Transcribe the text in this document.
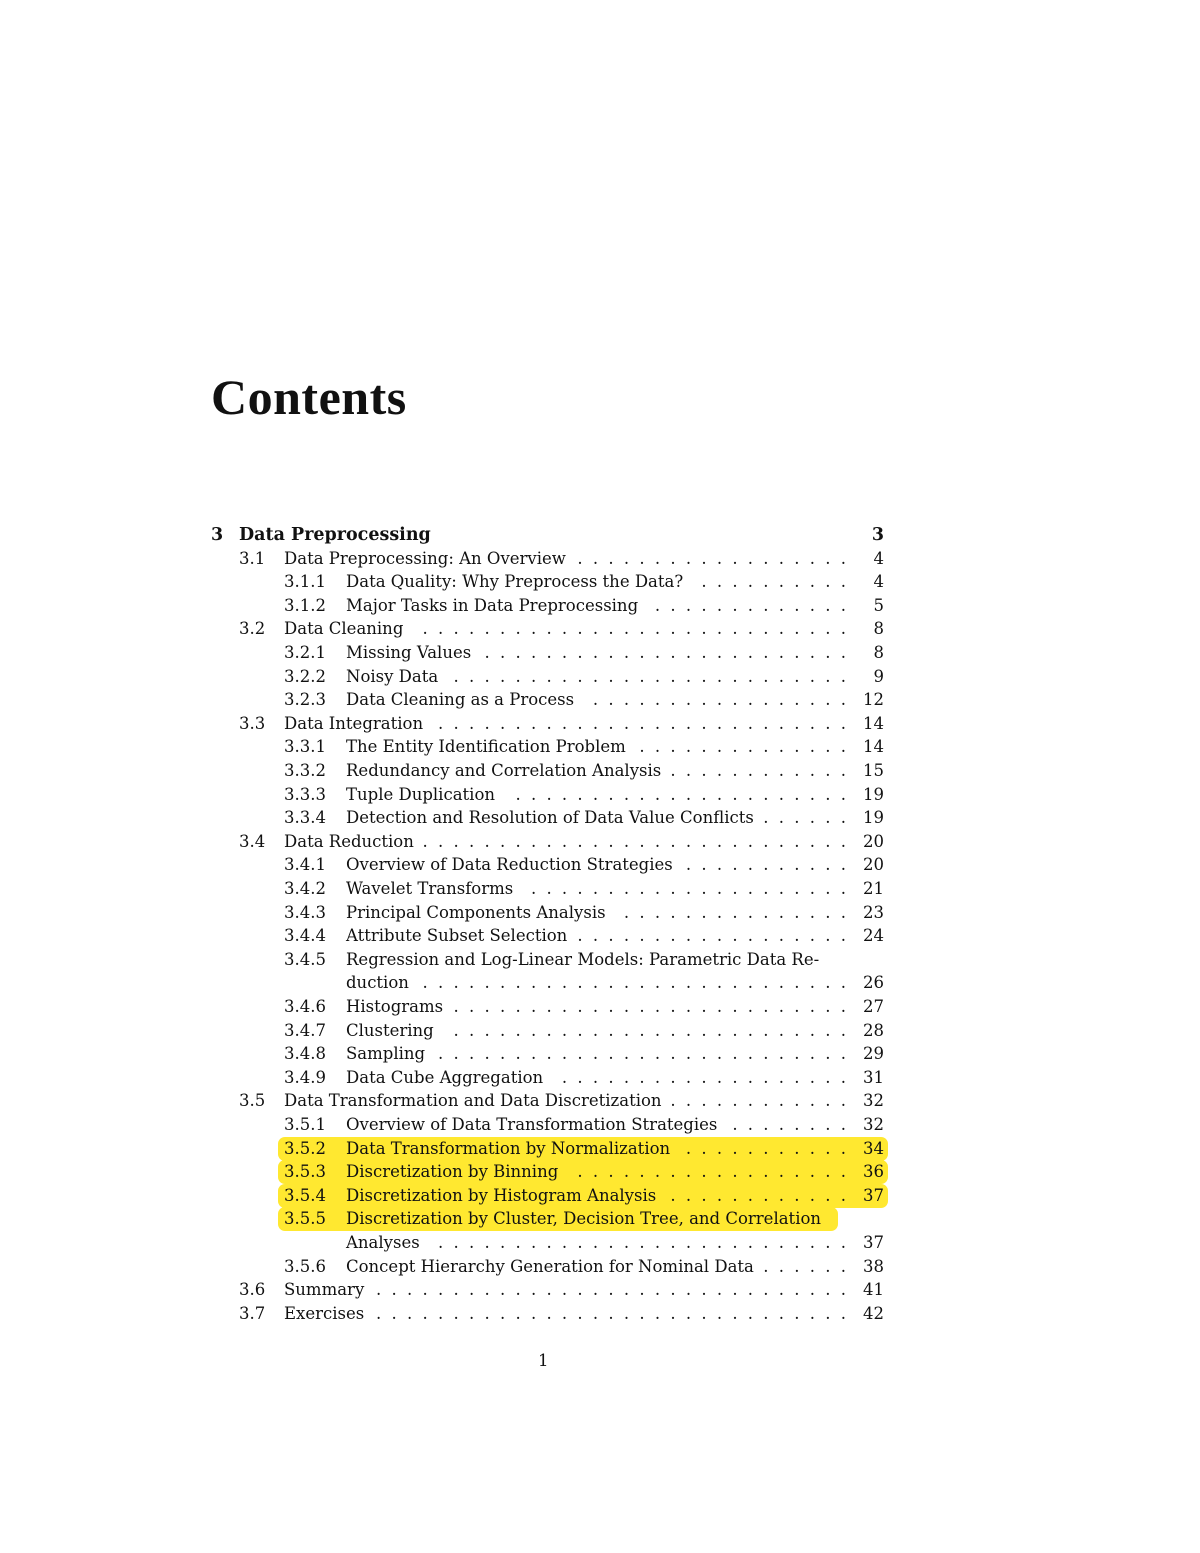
Contents
3 Data Preprocessing	3
3.1 Data Preprocessing: An Overview	4
. . .
3.1.1 Data Quality: Why Preprocess the Data?	4
. . .
3.1.2 Major Tasks in Data Preprocessing	5
. . .
3.2 Data Cleaning	8
. . .
3.2.1 Missing Values	8
. . .
3.2.2 Noisy Data	9
. . .
3.2.3 Data Cleaning as a Process	12
. . .
3.3 Data Integration	14
. . .
3.3.1 The Entity Identification Problem	14
. . .
3.3.2 Redundancy and Correlation Analysis	15
. . .
3.3.3 Tuple Duplication	19
. . .
3.3.4 Detection and Resolution of Data Value Conflicts	19
. . .
3.4 Data Reduction	20
. . .
3.4.1 Overview of Data Reduction Strategies	20
. . .
3.4.2 Wavelet Transforms	21
. . .
3.4.3 Principal Components Analysis	23
. . .
3.4.4 Attribute Subset Selection	24
. . .
3.4.5 Regression and Log-Linear Models: Parametric Data Re-
duction	26
. . .
3.4.6 Histograms	27
. . .
3.4.7 Clustering	28
. . .
3.4.8 Sampling	29
. . .
3.4.9 Data Cube Aggregation	31
. . .
3.5 Data Transformation and Data Discretization	32
. . .
3.5.1 Overview of Data Transformation Strategies	32
. . .
3.5.2 Data Transformation by Normalization	34
. . .
3.5.3 Discretization by Binning	36
. . .
3.5.4 Discretization by Histogram Analysis	37
. . .
3.5.5 Discretization by Cluster, Decision Tree, and Correlation
Analyses	37
. . .
3.5.6 Concept Hierarchy Generation for Nominal Data	38
. . .
3.6 Summary	41
. . .
3.7 Exercises	42
. . .
1
